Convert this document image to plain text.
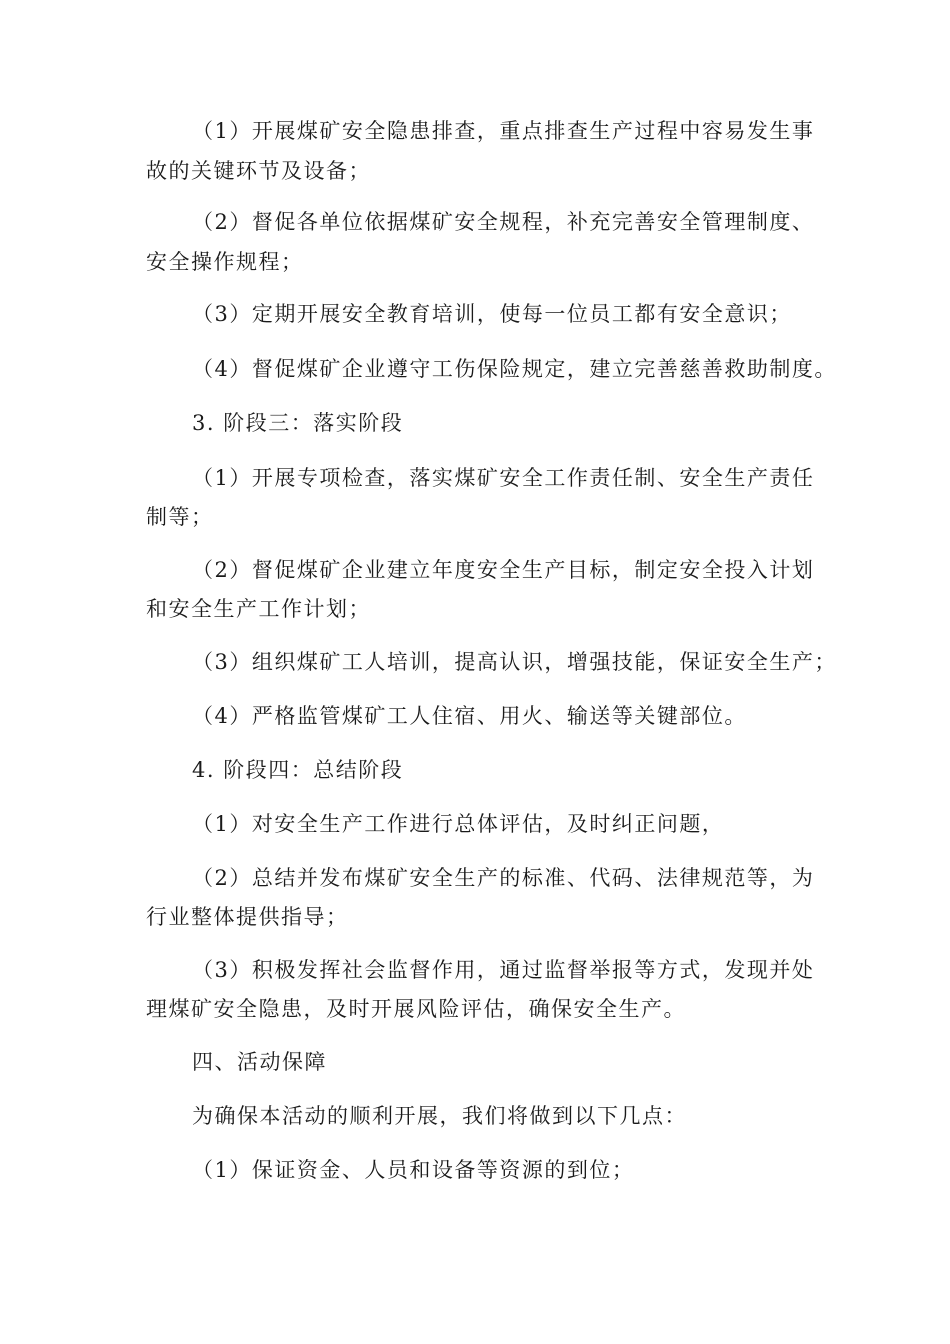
（1）开展煤矿安全隐患排查，重点排查生产过程中容易发生事
故的关键环节及设备；
（2）督促各单位依据煤矿安全规程，补充完善安全管理制度、
安全操作规程；
（3）定期开展安全教育培训，使每一位员工都有安全意识；
（4）督促煤矿企业遵守工伤保险规定，建立完善慈善救助制度。
3. 阶段三：落实阶段
（1）开展专项检查，落实煤矿安全工作责任制、安全生产责任
制等；
（2）督促煤矿企业建立年度安全生产目标，制定安全投入计划
和安全生产工作计划；
（3）组织煤矿工人培训，提高认识，增强技能，保证安全生产；
（4）严格监管煤矿工人住宿、用火、输送等关键部位。
4. 阶段四：总结阶段
（1）对安全生产工作进行总体评估，及时纠正问题，
（2）总结并发布煤矿安全生产的标准、代码、法律规范等，为
行业整体提供指导；
（3）积极发挥社会监督作用，通过监督举报等方式，发现并处
理煤矿安全隐患，及时开展风险评估，确保安全生产。
四、活动保障
为确保本活动的顺利开展，我们将做到以下几点：
（1）保证资金、人员和设备等资源的到位；
